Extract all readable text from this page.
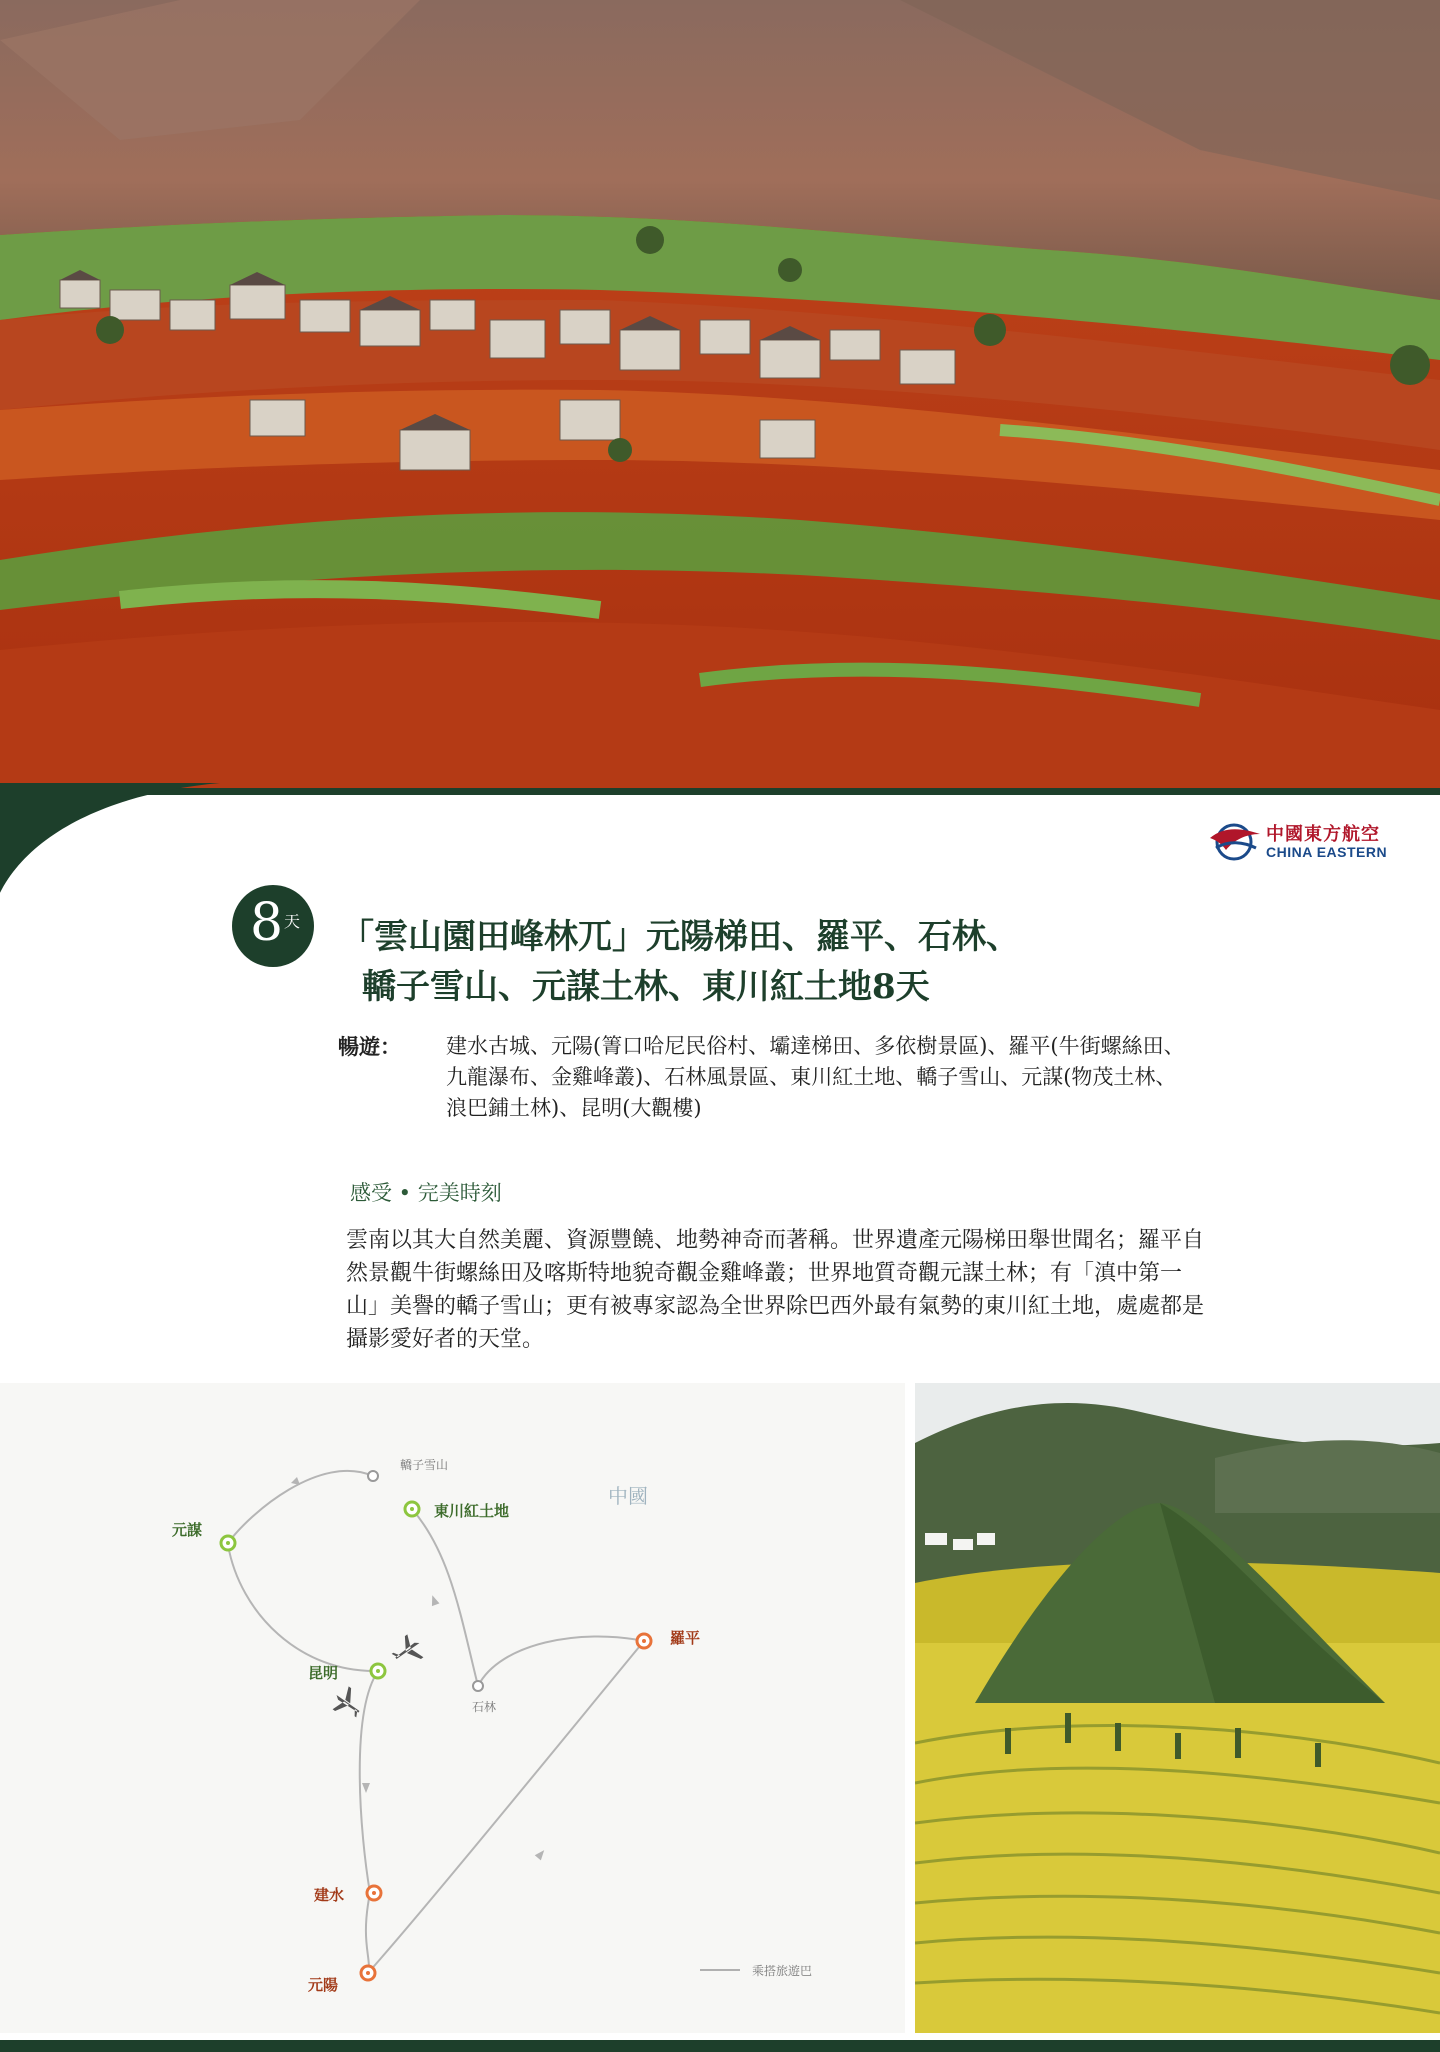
中國東方航空
CHINA EASTERN
8 天 「雲山園田峰林兀」元陽梯田、羅平、石林、
轎子雪山、元謀土林、東川紅土地8天
暢遊： 建水古城、元陽(箐口哈尼民俗村、壩達梯田、多依樹景區)、羅平(牛街螺絲田、九龍瀑布、金雞峰叢)、石林風景區、東川紅土地、轎子雪山、元謀(物茂土林、浪巴鋪土林)、昆明(大觀樓)
感受 • 完美時刻
雲南以其大自然美麗、資源豐饒、地勢神奇而著稱。世界遺產元陽梯田舉世聞名；羅平自然景觀牛街螺絲田及喀斯特地貌奇觀金雞峰叢；世界地質奇觀元謀土林；有「滇中第一山」美譽的轎子雪山；更有被專家認為全世界除巴西外最有氣勢的東川紅土地，處處都是攝影愛好者的天堂。
中國
轎子雪山
東川紅土地
元謀
昆明
石林
羅平
建水
元陽
乘搭旅遊巴
